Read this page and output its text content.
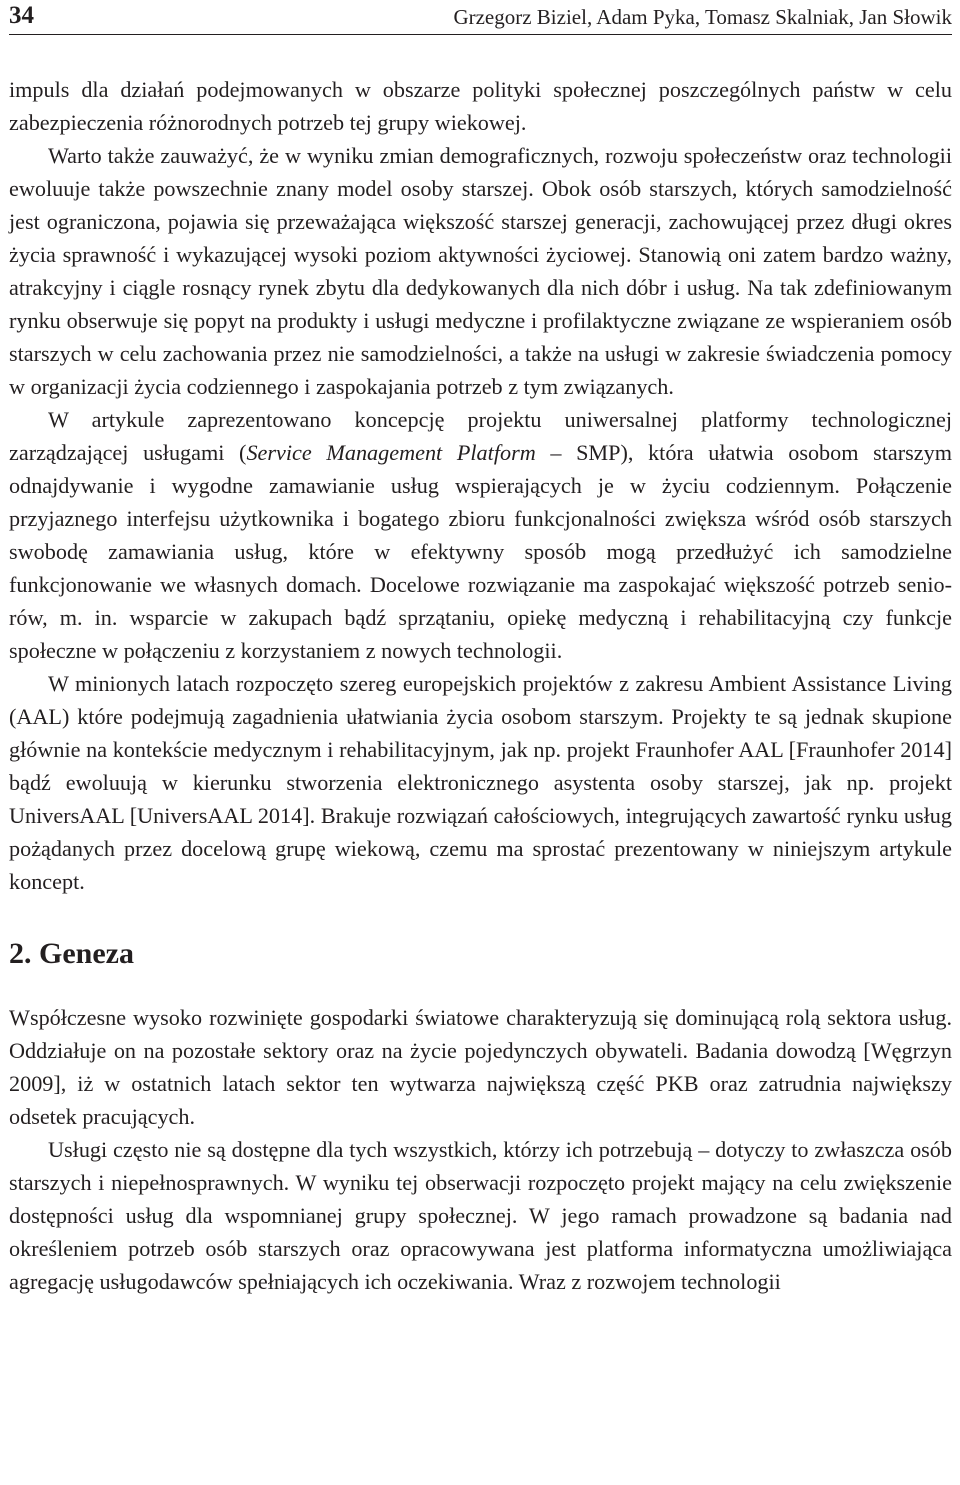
34	Grzegorz Biziel, Adam Pyka, Tomasz Skalniak, Jan Słowik

impuls dla działań podejmowanych w obszarze polityki społecznej poszczególnych państw w celu zabezpieczenia różnorodnych potrzeb tej grupy wiekowej.

Warto także zauważyć, że w wyniku zmian demograficznych, rozwoju społeczeństw oraz technologii ewoluuje także powszechnie znany model osoby starszej. Obok osób starszych, których samodzielność jest ograniczona, pojawia się przeważająca większość starszej generacji, zachowującej przez długi okres życia sprawność i wykazującej wysoki poziom aktywności życiowej. Stanowią oni zatem bardzo ważny, atrakcyjny i ciągle rosnący rynek zbytu dla dedykowanych dla nich dóbr i usług. Na tak zdefiniowanym rynku obserwuje się popyt na produkty i usługi medyczne i profilaktyczne związane ze wspieraniem osób starszych w celu zachowania przez nie samodzielności, a także na usługi w zakresie świadczenia pomocy w organizacji życia codziennego i zaspokajania potrzeb z tym związanych.

W artykule zaprezentowano koncepcję projektu uniwersalnej platformy technologicznej zarządzającej usługami (Service Management Platform – SMP), która ułatwia osobom starszym odnajdywanie i wygodne zamawianie usług wspierających je w życiu codziennym. Połączenie przyjaznego interfejsu użytkownika i bogatego zbioru funkcjonalności zwiększa wśród osób starszych swobodę zamawiania usług, które w efektywny sposób mogą przedłużyć ich samodzielne funkcjonowanie we własnych domach. Docelowe rozwiązanie ma zaspokajać większość potrzeb seniorów, m. in. wsparcie w zakupach bądź sprzątaniu, opiekę medyczną i rehabilitacyjną czy funkcje społeczne w połączeniu z korzystaniem z nowych technologii.

W minionych latach rozpoczęto szereg europejskich projektów z zakresu Ambient Assistance Living (AAL) które podejmują zagadnienia ułatwiania życia osobom starszym. Projekty te są jednak skupione głównie na kontekście medycznym i rehabilitacyjnym, jak np. projekt Fraunhofer AAL [Fraunhofer 2014] bądź ewoluują w kierunku stworzenia elektronicznego asystenta osoby starszej, jak np. projekt UniversAAL [UniversAAL 2014]. Brakuje rozwiązań całościowych, integrujących zawartość rynku usług pożądanych przez docelową grupę wiekową, czemu ma sprostać prezentowany w niniejszym artykule koncept.

2. Geneza

Współczesne wysoko rozwinięte gospodarki światowe charakteryzują się dominującą rolą sektora usług. Oddziałuje on na pozostałe sektory oraz na życie pojedynczych obywateli. Badania dowodzą [Węgrzyn 2009], iż w ostatnich latach sektor ten wytwarza największą część PKB oraz zatrudnia największy odsetek pracujących.

Usługi często nie są dostępne dla tych wszystkich, którzy ich potrzebują – dotyczy to zwłaszcza osób starszych i niepełnosprawnych. W wyniku tej obserwacji rozpoczęto projekt mający na celu zwiększenie dostępności usług dla wspomnianej grupy społecznej. W jego ramach prowadzone są badania nad określeniem potrzeb osób starszych oraz opracowywana jest platforma informatyczna umożliwiająca agregację usługodawców spełniających ich oczekiwania. Wraz z rozwojem technologii
